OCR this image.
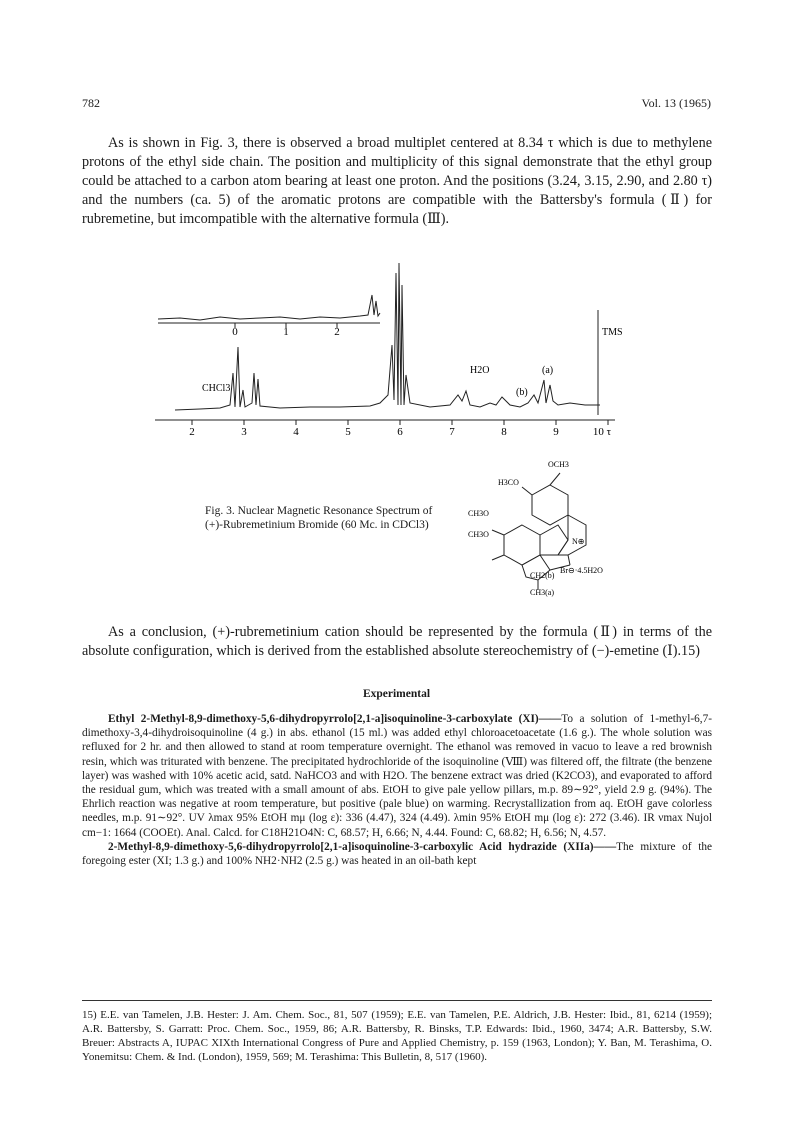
782	Vol. 13 (1965)

As is shown in Fig. 3, there is observed a broad multiplet centered at 8.34 τ which is due to methylene protons of the ethyl side chain. The position and multiplicity of this signal demonstrate that the ethyl group could be attached to a carbon atom bearing at least one proton. And the positions (3.24, 3.15, 2.90, and 2.80 τ) and the numbers (ca. 5) of the aromatic protons are compatible with the Battersby's formula (Ⅱ) for rubremetine, but imcompatible with the alternative formula (Ⅲ).

0	1	2	TMS
CHCl3
H2O	(a)
(b)
2	3	4	5	6	7	8	9	10 τ
Fig. 3. Nuclear Magnetic Resonance Spectrum of (+)-Rubremetinium Bromide (60 Mc. in CDCl3)
OCH3
H3CO
CH3O
CH3O
N⊕
CH2(b)
Br⊖·4.5H2O
CH3(a)

As a conclusion, (+)-rubremetinium cation should be represented by the formula (Ⅱ) in terms of the absolute configuration, which is derived from the established absolute stereochemistry of (−)-emetine (Ⅰ).15)

Experimental

Ethyl 2-Methyl-8,9-dimethoxy-5,6-dihydropyrrolo[2,1-a]isoquinoline-3-carboxylate (XI)——To a solution of 1-methyl-6,7-dimethoxy-3,4-dihydroisoquinoline (4 g.) in abs. ethanol (15 ml.) was added ethyl chloroacetoacetate (1.6 g.). The whole solution was refluxed for 2 hr. and then allowed to stand at room temperature overnight. The ethanol was removed in vacuo to leave a red brownish resin, which was triturated with benzene. The precipitated hydrochloride of the isoquinoline (Ⅷ) was filtered off, the filtrate (the benzene layer) was washed with 10% acetic acid, satd. NaHCO3 and with H2O. The benzene extract was dried (K2CO3), and evaporated to afford the residual gum, which was treated with a small amount of abs. EtOH to give pale yellow pillars, m.p. 89∼92°, yield 2.9 g. (94%). The Ehrlich reaction was negative at room temperature, but positive (pale blue) on warming. Recrystallization from aq. EtOH gave colorless needles, m.p. 91∼92°. UV λmax 95% EtOH mμ (log ε): 336 (4.47), 324 (4.49). λmin 95% EtOH mμ (log ε): 272 (3.46). IR νmax Nujol cm−1: 1664 (COOEt). Anal. Calcd. for C18H21O4N: C, 68.57; H, 6.66; N, 4.44. Found: C, 68.82; H, 6.56; N, 4.57.

2-Methyl-8,9-dimethoxy-5,6-dihydropyrrolo[2,1-a]isoquinoline-3-carboxylic Acid hydrazide (XIIa)——The mixture of the foregoing ester (XI; 1.3 g.) and 100% NH2·NH2 (2.5 g.) was heated in an oil-bath kept

15) E.E. van Tamelen, J.B. Hester: J. Am. Chem. Soc., 81, 507 (1959); E.E. van Tamelen, P.E. Aldrich, J.B. Hester: Ibid., 81, 6214 (1959); A.R. Battersby, S. Garratt: Proc. Chem. Soc., 1959, 86; A.R. Battersby, R. Binsks, T.P. Edwards: Ibid., 1960, 3474; A.R. Battersby, S.W. Breuer: Abstracts A, IUPAC XIXth International Congress of Pure and Applied Chemistry, p. 159 (1963, London); Y. Ban, M. Terashima, O. Yonemitsu: Chem. & Ind. (London), 1959, 569; M. Terashima: This Bulletin, 8, 517 (1960).
